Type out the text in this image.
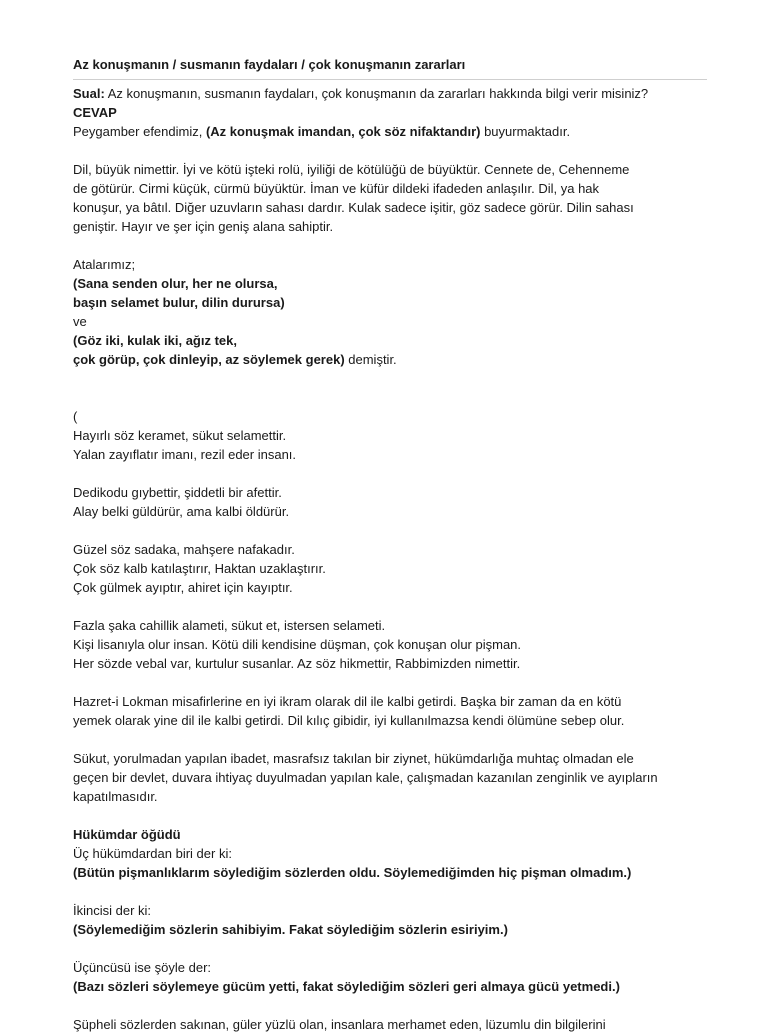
Az konuşmanın / susmanın faydaları / çok konuşmanın zararları
Sual: Az konuşmanın, susmanın faydaları, çok konuşmanın da zararları hakkında bilgi verir misiniz?
CEVAP
Peygamber efendimiz, (Az konuşmak imandan, çok söz nifaktandır) buyurmaktadır.
Dil, büyük nimettir. İyi ve kötü işteki rolü, iyiliği de kötülüğü de büyüktür. Cennete de, Cehenneme
de götürür. Cirmi küçük, cürmü büyüktür. İman ve küfür dildeki ifadeden anlaşılır. Dil, ya hak
konuşur, ya bâtıl. Diğer uzuvların sahası dardır. Kulak sadece işitir, göz sadece görür. Dilin sahası
geniştir. Hayır ve şer için geniş alana sahiptir.
Atalarımız;
(Sana senden olur, her ne olursa,
başın selamet bulur, dilin durursa)
ve
(Göz iki, kulak iki, ağız tek,
çok görüp, çok dinleyip, az söylemek gerek) demiştir.
(
Hayırlı söz keramet, sükut selamettir.
Yalan zayıflatır imanı, rezil eder insanı.
Dedikodu gıybettir, şiddetli bir afettir.
Alay belki güldürür, ama kalbi öldürür.
Güzel söz sadaka, mahşere nafakadır.
Çok söz kalb katılaştırır, Haktan uzaklaştırır.
Çok gülmek ayıptır, ahiret için kayıptır.
Fazla şaka cahillik alameti, sükut et, istersen selameti.
Kişi lisanıyla olur insan. Kötü dili kendisine düşman, çok konuşan olur pişman.
Her sözde vebal var, kurtulur susanlar. Az söz hikmettir, Rabbimizden nimettir.
Hazret-i Lokman misafirlerine en iyi ikram olarak dil ile kalbi getirdi. Başka bir zaman da en kötü
yemek olarak yine dil ile kalbi getirdi. Dil kılıç gibidir, iyi kullanılmazsa kendi ölümüne sebep olur.
Sükut, yorulmadan yapılan ibadet, masrafsız takılan bir ziynet, hükümdarlığa muhtaç olmadan ele
geçen bir devlet, duvara ihtiyaç duyulmadan yapılan kale, çalışmadan kazanılan zenginlik ve ayıpların
kapatılmasıdır.
Hükümdar öğüdü
Üç hükümdardan biri der ki:
(Bütün pişmanlıklarım söylediğim sözlerden oldu. Söylemediğimden hiç pişman olmadım.)
İkincisi der ki:
(Söylemediğim sözlerin sahibiyim. Fakat söylediğim sözlerin esiriyim.)
Üçüncüsü ise şöyle der:
(Bazı sözleri söylemeye gücüm yetti, fakat söylediğim sözleri geri almaya gücü yetmedi.)
Şüpheli sözlerden sakınan, güler yüzlü olan, insanlara merhamet eden, lüzumlu din bilgilerini
